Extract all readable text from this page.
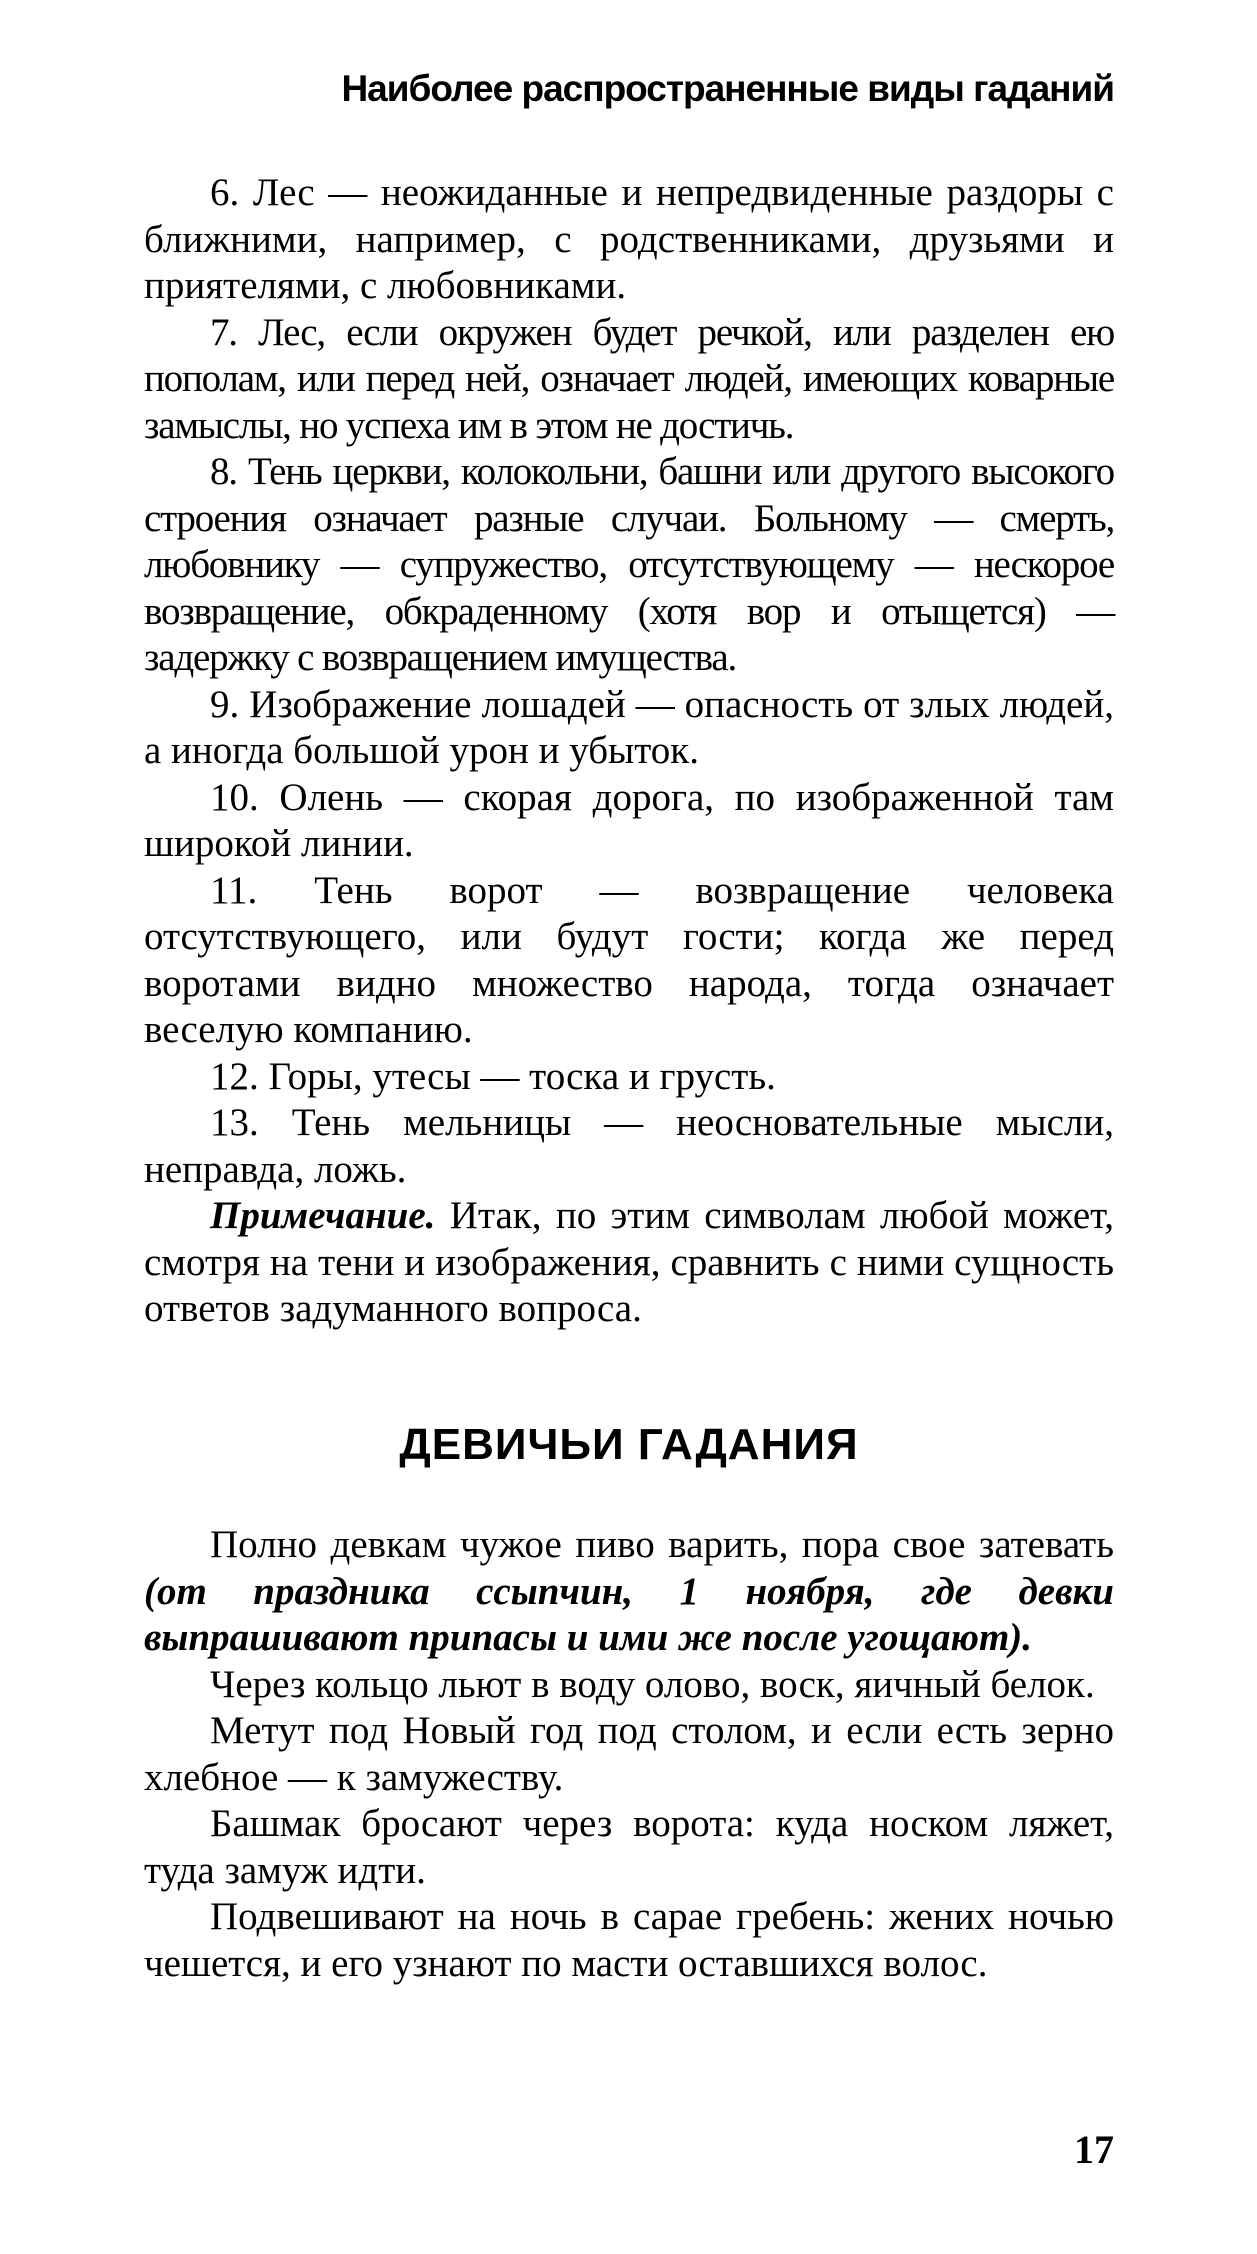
Наиболее распространенные виды гаданий

6. Лес — неожиданные и непредвиденные раздоры с ближними, например, с родственниками, друзьями и приятелями, с любовниками.

7. Лес, если окружен будет речкой, или разделен ею пополам, или перед ней, означает людей, имеющих коварные замыслы, но успеха им в этом не достичь.

8. Тень церкви, колокольни, башни или другого высокого строения означает разные случаи. Больному — смерть, любовнику — супружество, отсутствующему — нескорое возвращение, обкраденному (хотя вор и отыщется) — задержку с возвращением имущества.

9. Изображение лошадей — опасность от злых людей, а иногда большой урон и убыток.

10. Олень — скорая дорога, по изображенной там широкой линии.

11. Тень ворот — возвращение человека отсутствующего, или будут гости; когда же перед воротами видно множество народа, тогда означает веселую компанию.

12. Горы, утесы — тоска и грусть.

13. Тень мельницы — неосновательные мысли, неправда, ложь.

Примечание. Итак, по этим символам любой может, смотря на тени и изображения, сравнить с ними сущность ответов задуманного вопроса.

ДЕВИЧЬИ ГАДАНИЯ

Полно девкам чужое пиво варить, пора свое затевать (от праздника ссыпчин, 1 ноября, где девки выпрашивают припасы и ими же после угощают).

Через кольцо льют в воду олово, воск, яичный белок.

Метут под Новый год под столом, и если есть зерно хлебное — к замужеству.

Башмак бросают через ворота: куда носком ляжет, туда замуж идти.

Подвешивают на ночь в сарае гребень: жених ночью чешется, и его узнают по масти оставшихся волос.

17
